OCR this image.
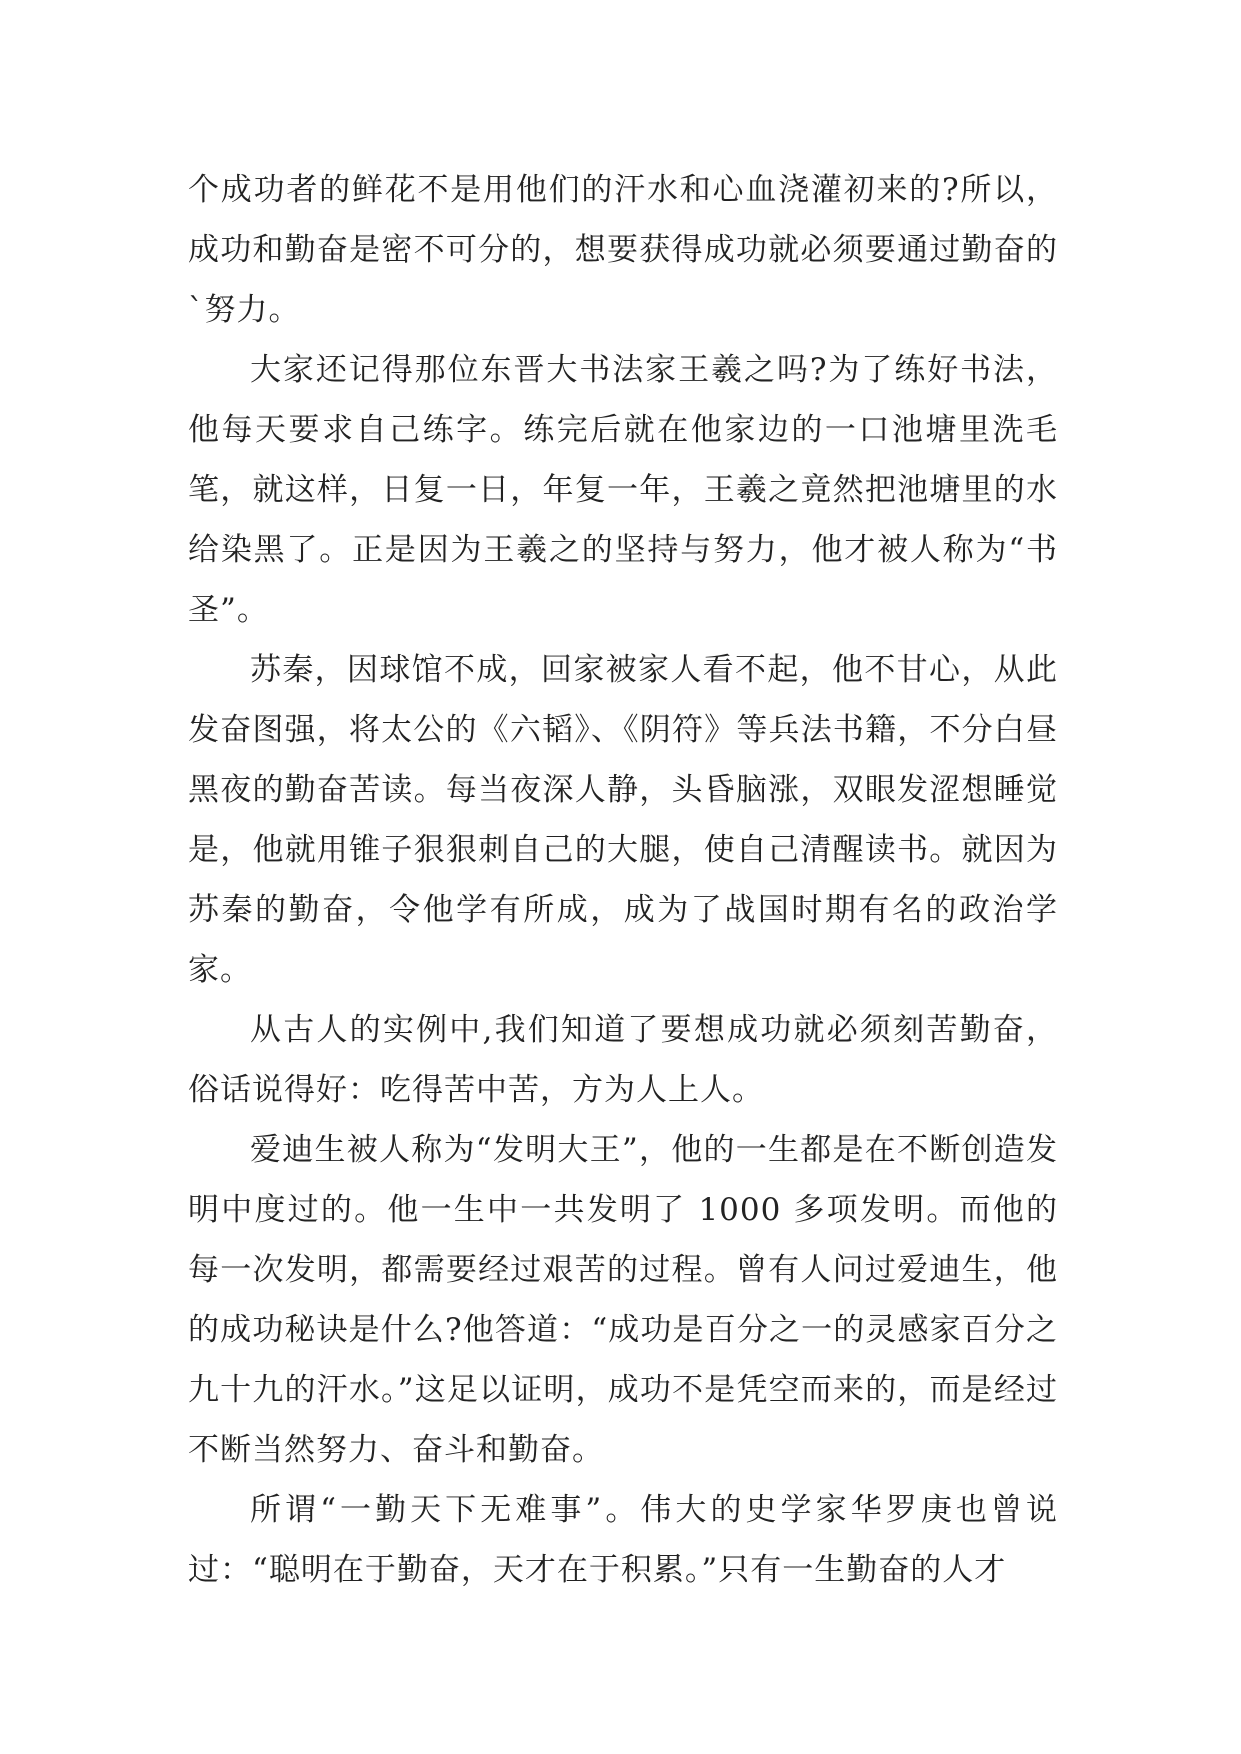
个成功者的鲜花不是用他们的汗水和心血浇灌初来的?所以，成功和勤奋是密不可分的，想要获得成功就必须要通过勤奋的`努力。

大家还记得那位东晋大书法家王羲之吗?为了练好书法，他每天要求自己练字。练完后就在他家边的一口池塘里洗毛笔，就这样，日复一日，年复一年，王羲之竟然把池塘里的水给染黑了。正是因为王羲之的坚持与努力，他才被人称为“书圣”。

苏秦，因球馆不成，回家被家人看不起，他不甘心，从此发奋图强，将太公的《六韬》、《阴符》等兵法书籍，不分白昼黑夜的勤奋苦读。每当夜深人静，头昏脑涨，双眼发涩想睡觉是，他就用锥子狠狠刺自己的大腿，使自己清醒读书。就因为苏秦的勤奋，令他学有所成，成为了战国时期有名的政治学家。

从古人的实例中,我们知道了要想成功就必须刻苦勤奋，俗话说得好：吃得苦中苦，方为人上人。

爱迪生被人称为“发明大王”，他的一生都是在不断创造发明中度过的。他一生中一共发明了 1000 多项发明。而他的每一次发明，都需要经过艰苦的过程。曾有人问过爱迪生，他的成功秘诀是什么?他答道：“成功是百分之一的灵感家百分之九十九的汗水。”这足以证明，成功不是凭空而来的，而是经过不断当然努力、奋斗和勤奋。

所谓“一勤天下无难事”。伟大的史学家华罗庚也曾说过：“聪明在于勤奋，天才在于积累。”只有一生勤奋的人才
